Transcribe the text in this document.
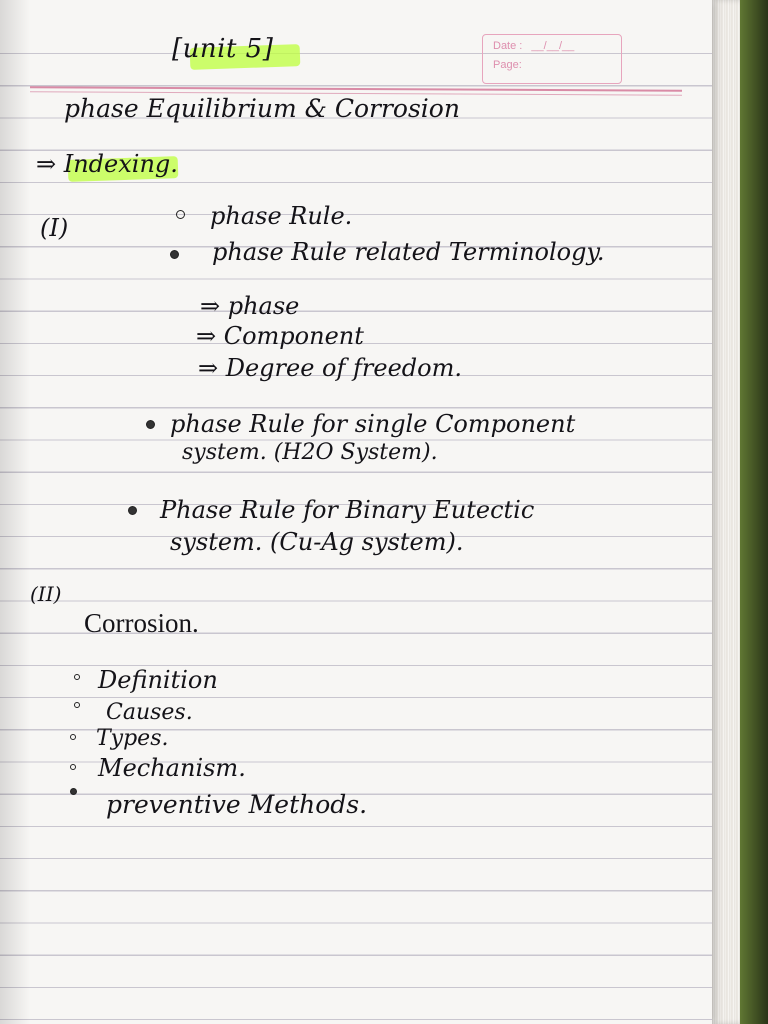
Date : __/__/__
Page:
[unit 5]
phase Equilibrium & Corrosion
⇒ Indexing.
(I)	phase Rule.
phase Rule related Terminology.
⇒ phase
⇒ Component
⇒ Degree of freedom.
phase Rule for single Component
system. (H2O System).
Phase Rule for Binary Eutectic
system. (Cu-Ag system).
(II)
Corrosion.
Definition
Causes.
Types.
Mechanism.
preventive Methods.
